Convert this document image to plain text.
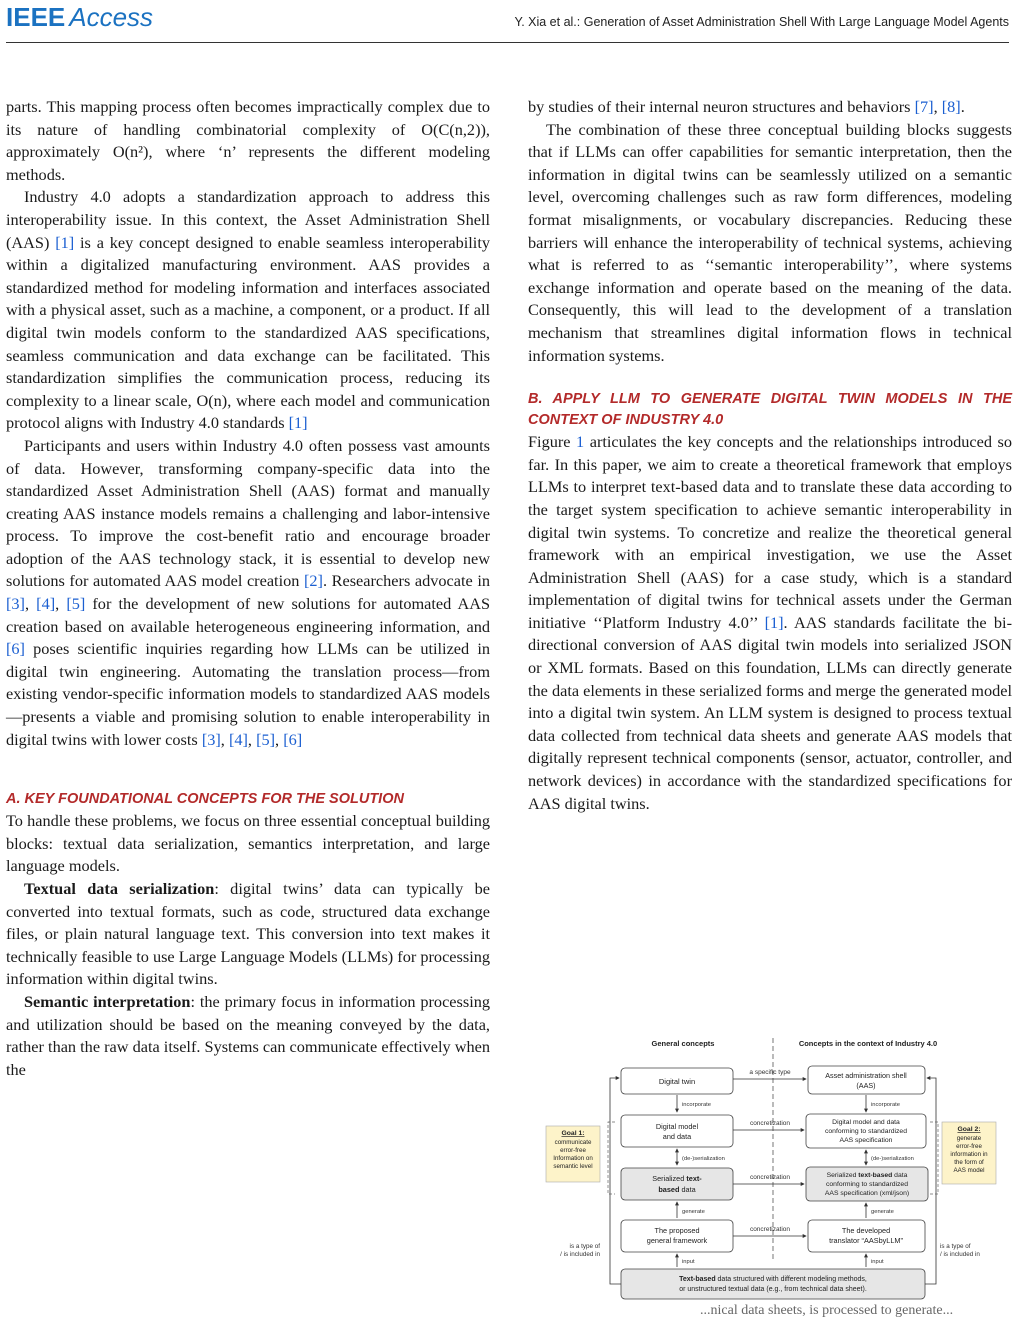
IEEE Access	Y. Xia et al.: Generation of Asset Administration Shell With Large Language Model Agents

parts. This mapping process often becomes impractically complex due to its nature of handling combinatorial complexity of O(C(n,2)), approximately O(n²), where ‘n’ represents the different modeling methods.

Industry 4.0 adopts a standardization approach to address this interoperability issue. In this context, the Asset Administration Shell (AAS) [1] is a key concept designed to enable seamless interoperability within a digitalized manufacturing environment. AAS provides a standardized method for modeling information and interfaces associated with a physical asset, such as a machine, a component, or a product. If all digital twin models conform to the standardized AAS specifications, seamless communication and data exchange can be facilitated. This standardization simplifies the communication process, reducing its complexity to a linear scale, O(n), where each model and communication protocol aligns with Industry 4.0 standards [1]

Participants and users within Industry 4.0 often possess vast amounts of data. However, transforming company-specific data into the standardized Asset Administration Shell (AAS) format and manually creating AAS instance models remains a challenging and labor-intensive process. To improve the cost-benefit ratio and encourage broader adoption of the AAS technology stack, it is essential to develop new solutions for automated AAS model creation [2]. Researchers advocate in [3], [4], [5] for the development of new solutions for automated AAS creation based on available heterogeneous engineering information, and [6] poses scientific inquiries regarding how LLMs can be utilized in digital twin engineering. Automating the translation process—from existing vendor-specific information models to standardized AAS models—presents a viable and promising solution to enable interoperability in digital twins with lower costs [3], [4], [5], [6]

A. KEY FOUNDATIONAL CONCEPTS FOR THE SOLUTION

To handle these problems, we focus on three essential conceptual building blocks: textual data serialization, semantics interpretation, and large language models.

Textual data serialization: digital twins’ data can typically be converted into textual formats, such as code, structured data exchange files, or plain natural language text. This conversion into text makes it technically feasible to use Large Language Models (LLMs) for processing information within digital twins.

Semantic interpretation: the primary focus in information processing and utilization should be based on the meaning conveyed by the data, rather than the raw data itself. Systems can communicate effectively when the

by studies of their internal neuron structures and behaviors [7], [8].

The combination of these three conceptual building blocks suggests that if LLMs can offer capabilities for semantic interpretation, then the information in digital twins can be seamlessly utilized on a semantic level, overcoming challenges such as raw form differences, modeling format misalignments, or vocabulary discrepancies. Reducing these barriers will enhance the interoperability of technical systems, achieving what is referred to as ‘‘semantic interoperability’’, where systems exchange information and operate based on the meaning of the data. Consequently, this will lead to the development of a translation mechanism that streamlines digital information flows in technical information systems.

B. APPLY LLM TO GENERATE DIGITAL TWIN MODELS IN THE CONTEXT OF INDUSTRY 4.0

Figure 1 articulates the key concepts and the relationships introduced so far. In this paper, we aim to create a theoretical framework that employs LLMs to interpret text-based data and to translate these data according to the target system specification to achieve semantic interoperability in digital twin systems. To concretize and realize the theoretical general framework with an empirical investigation, we use the Asset Administration Shell (AAS) for a case study, which is a standard implementation of digital twins for technical assets under the German initiative ‘‘Platform Industry 4.0’’ [1]. AAS standards facilitate the bi-directional conversion of AAS digital twin models into serialized JSON or XML formats. Based on this foundation, LLMs can directly generate the data elements in these serialized forms and merge the generated model into a digital twin system. An LLM system is designed to process textual data collected from technical data sheets and generate AAS models that digitally represent technical components (sensor, actuator, controller, and network devices) in accordance with the standardized specifications for AAS digital twins.

General concepts	Concepts in the context of Industry 4.0
Digital twin
Asset administration shell
(AAS)
a specific type
incorporate	incorporate
Digital model
and data
Digital model and data
conforming to standardized
AAS specification
concretization
(de-)serialization	(de-)serialization
Serialized text-
based data
Serialized text-based data
conforming to standardized
AAS specification (xml/json)
concretization
generate	generate
The proposed
general framework
The developed
translator “AASbyLLM”
concretization
input	input
Text-based data structured with different modeling methods,
or unstructured textual data (e.g., from technical data sheet).
is a type of
/ is included in
is a type of
/ is included in
Goal 1:
communicate
error-free
Information on
semantic level
Goal 2:
generate
error-free
information in
the form of
AAS model
...nical data sheets, is processed to generate...
